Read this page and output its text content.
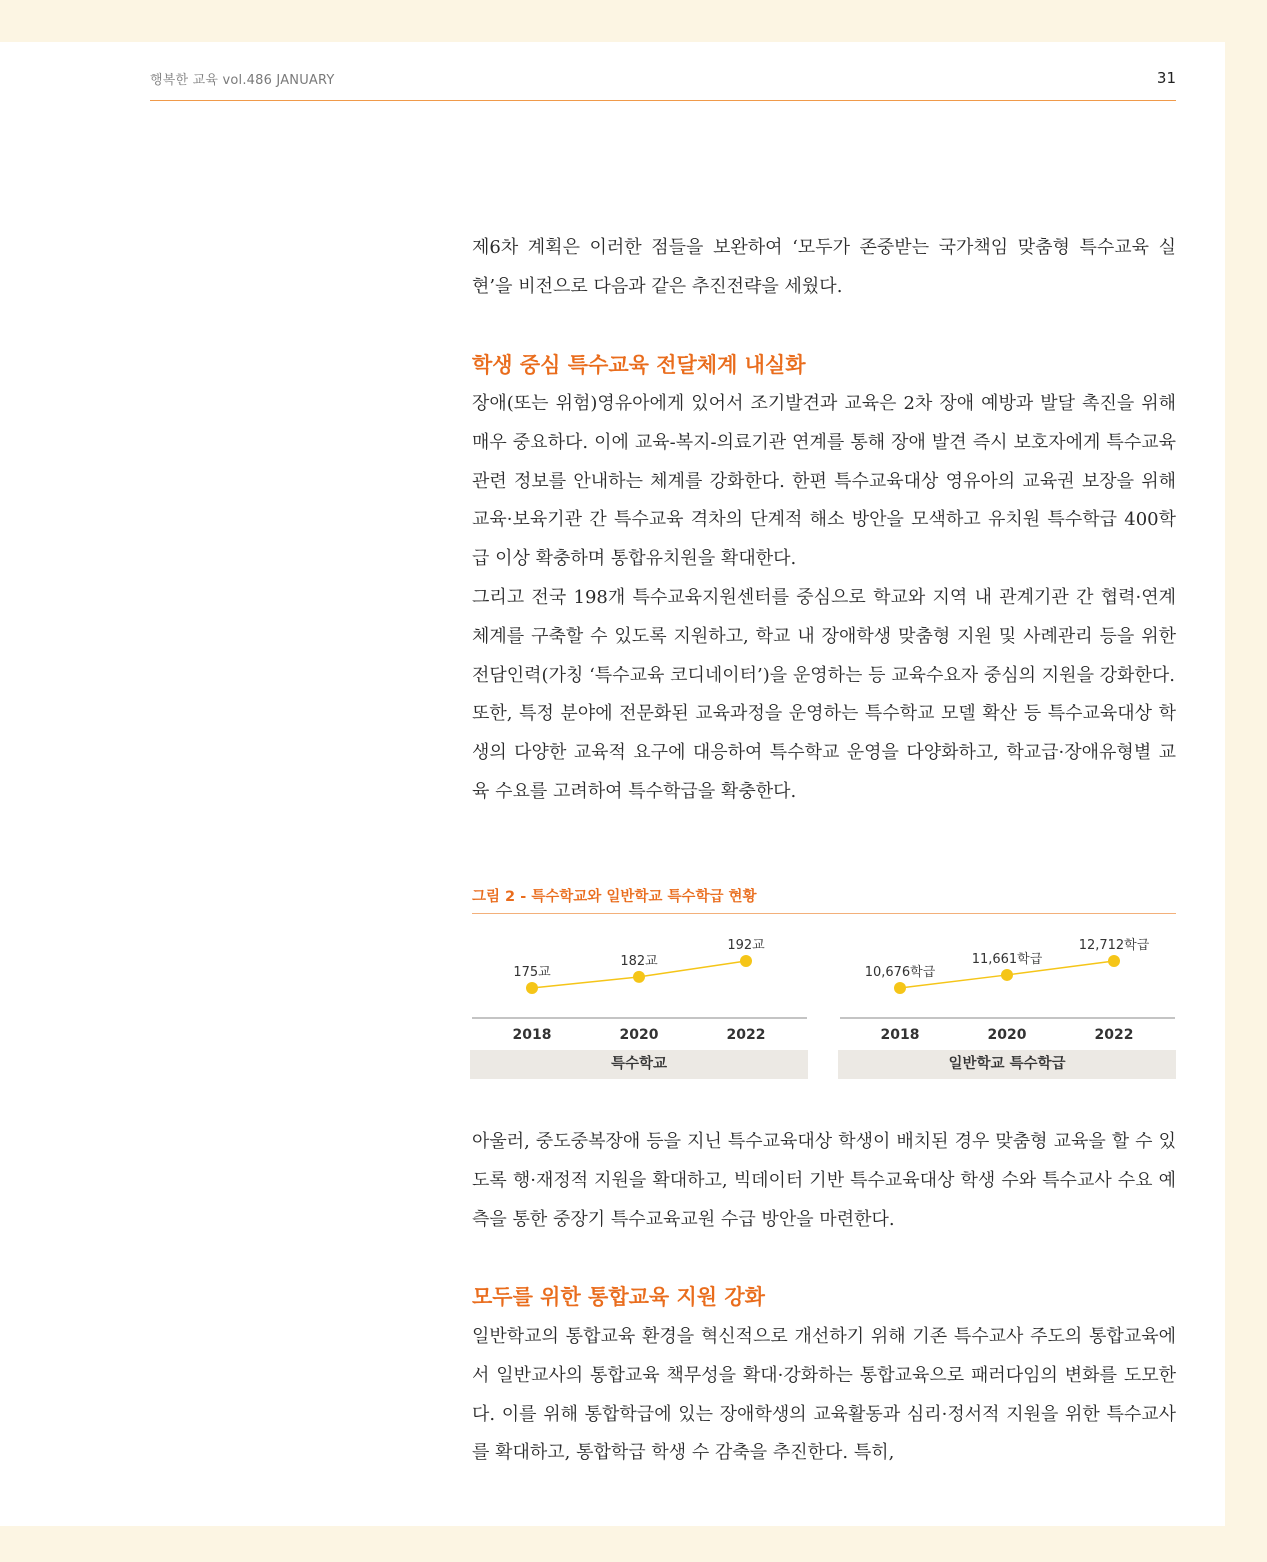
행복한 교육 vol.486 JANUARY	31

제6차 계획은 이러한 점들을 보완하여 ‘모두가 존중받는 국가책임 맞춤형 특수교육 실현’을 비전으로 다음과 같은 추진전략을 세웠다.

학생 중심 특수교육 전달체계 내실화

장애(또는 위험)영유아에게 있어서 조기발견과 교육은 2차 장애 예방과 발달 촉진을 위해 매우 중요하다. 이에 교육-복지-의료기관 연계를 통해 장애 발견 즉시 보호자에게 특수교육 관련 정보를 안내하는 체계를 강화한다. 한편 특수교육대상 영유아의 교육권 보장을 위해 교육·보육기관 간 특수교육 격차의 단계적 해소 방안을 모색하고 유치원 특수학급 400학급 이상 확충하며 통합유치원을 확대한다.

그리고 전국 198개 특수교육지원센터를 중심으로 학교와 지역 내 관계기관 간 협력·연계 체계를 구축할 수 있도록 지원하고, 학교 내 장애학생 맞춤형 지원 및 사례관리 등을 위한 전담인력(가칭 ‘특수교육 코디네이터’)을 운영하는 등 교육수요자 중심의 지원을 강화한다.

또한, 특정 분야에 전문화된 교육과정을 운영하는 특수학교 모델 확산 등 특수교육대상 학생의 다양한 교육적 요구에 대응하여 특수학교 운영을 다양화하고, 학교급·장애유형별 교육 수요를 고려하여 특수학급을 확충한다.

그림 2 - 특수학교와 일반학교 특수학급 현황
175교
182교
192교
2018	2020	2022
특수학교
10,676학급
11,661학급
12,712학급
2018	2020	2022
일반학교 특수학급

아울러, 중도중복장애 등을 지닌 특수교육대상 학생이 배치된 경우 맞춤형 교육을 할 수 있도록 행·재정적 지원을 확대하고, 빅데이터 기반 특수교육대상 학생 수와 특수교사 수요 예측을 통한 중장기 특수교육교원 수급 방안을 마련한다.

모두를 위한 통합교육 지원 강화

일반학교의 통합교육 환경을 혁신적으로 개선하기 위해 기존 특수교사 주도의 통합교육에서 일반교사의 통합교육 책무성을 확대·강화하는 통합교육으로 패러다임의 변화를 도모한다. 이를 위해 통합학급에 있는 장애학생의 교육활동과 심리·정서적 지원을 위한 특수교사를 확대하고, 통합학급 학생 수 감축을 추진한다. 특히,
